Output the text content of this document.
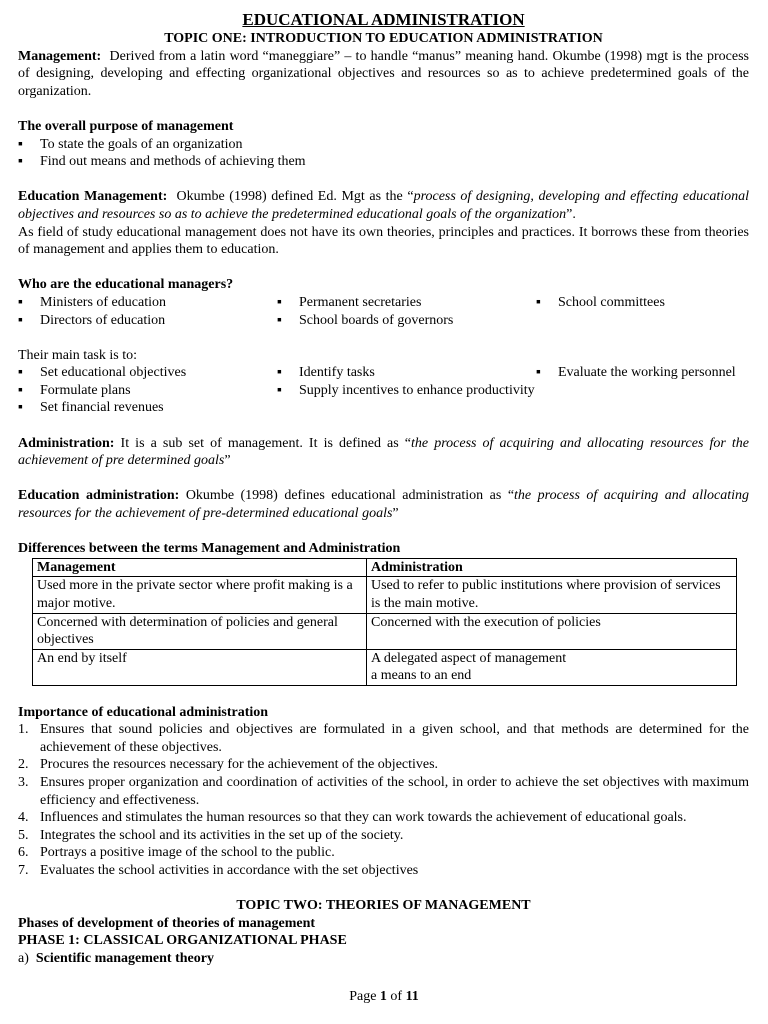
EDUCATIONAL ADMINISTRATION
TOPIC ONE: INTRODUCTION TO EDUCATION ADMINISTRATION

Management: Derived from a latin word “maneggiare” – to handle “manus” meaning hand. Okumbe (1998) mgt is the process of designing, developing and effecting organizational objectives and resources so as to achieve predetermined goals of the organization.

The overall purpose of management
▪ To state the goals of an organization
▪ Find out means and methods of achieving them

Education Management: Okumbe (1998) defined Ed. Mgt as the “process of designing, developing and effecting educational objectives and resources so as to achieve the predetermined educational goals of the organization”.

As field of study educational management does not have its own theories, principles and practices. It borrows these from theories of management and applies them to education.

Who are the educational managers?
▪ Ministers of education
▪ Directors of education
▪ Permanent secretaries
▪ School boards of governors
▪ School committees
Their main task is to:
▪ Set educational objectives
▪ Formulate plans
▪ Set financial revenues
▪ Identify tasks
▪ Supply incentives to enhance productivity
▪ Evaluate the working personnel

Administration: It is a sub set of management. It is defined as “the process of acquiring and allocating resources for the achievement of pre determined goals”

Education administration: Okumbe (1998) defines educational administration as “the process of acquiring and allocating resources for the achievement of pre-determined educational goals”

Differences between the terms Management and Administration
Management	Administration
Used more in the private sector where profit making is a major motive.	Used to refer to public institutions where provision of services is the main motive.
Concerned with determination of policies and general objectives	Concerned with the execution of policies
An end by itself	A delegated aspect of management
a means to an end
Importance of educational administration
1. Ensures that sound policies and objectives are formulated in a given school, and that methods are determined for the achievement of these objectives.
2. Procures the resources necessary for the achievement of the objectives.
3. Ensures proper organization and coordination of activities of the school, in order to achieve the set objectives with maximum efficiency and effectiveness.
4. Influences and stimulates the human resources so that they can work towards the achievement of educational goals.
5. Integrates the school and its activities in the set up of the society.
6. Portrays a positive image of the school to the public.
7. Evaluates the school activities in accordance with the set objectives
TOPIC TWO: THEORIES OF MANAGEMENT
Phases of development of theories of management
PHASE 1: CLASSICAL ORGANIZATIONAL PHASE
a) Scientific management theory
Page 1 of 11
